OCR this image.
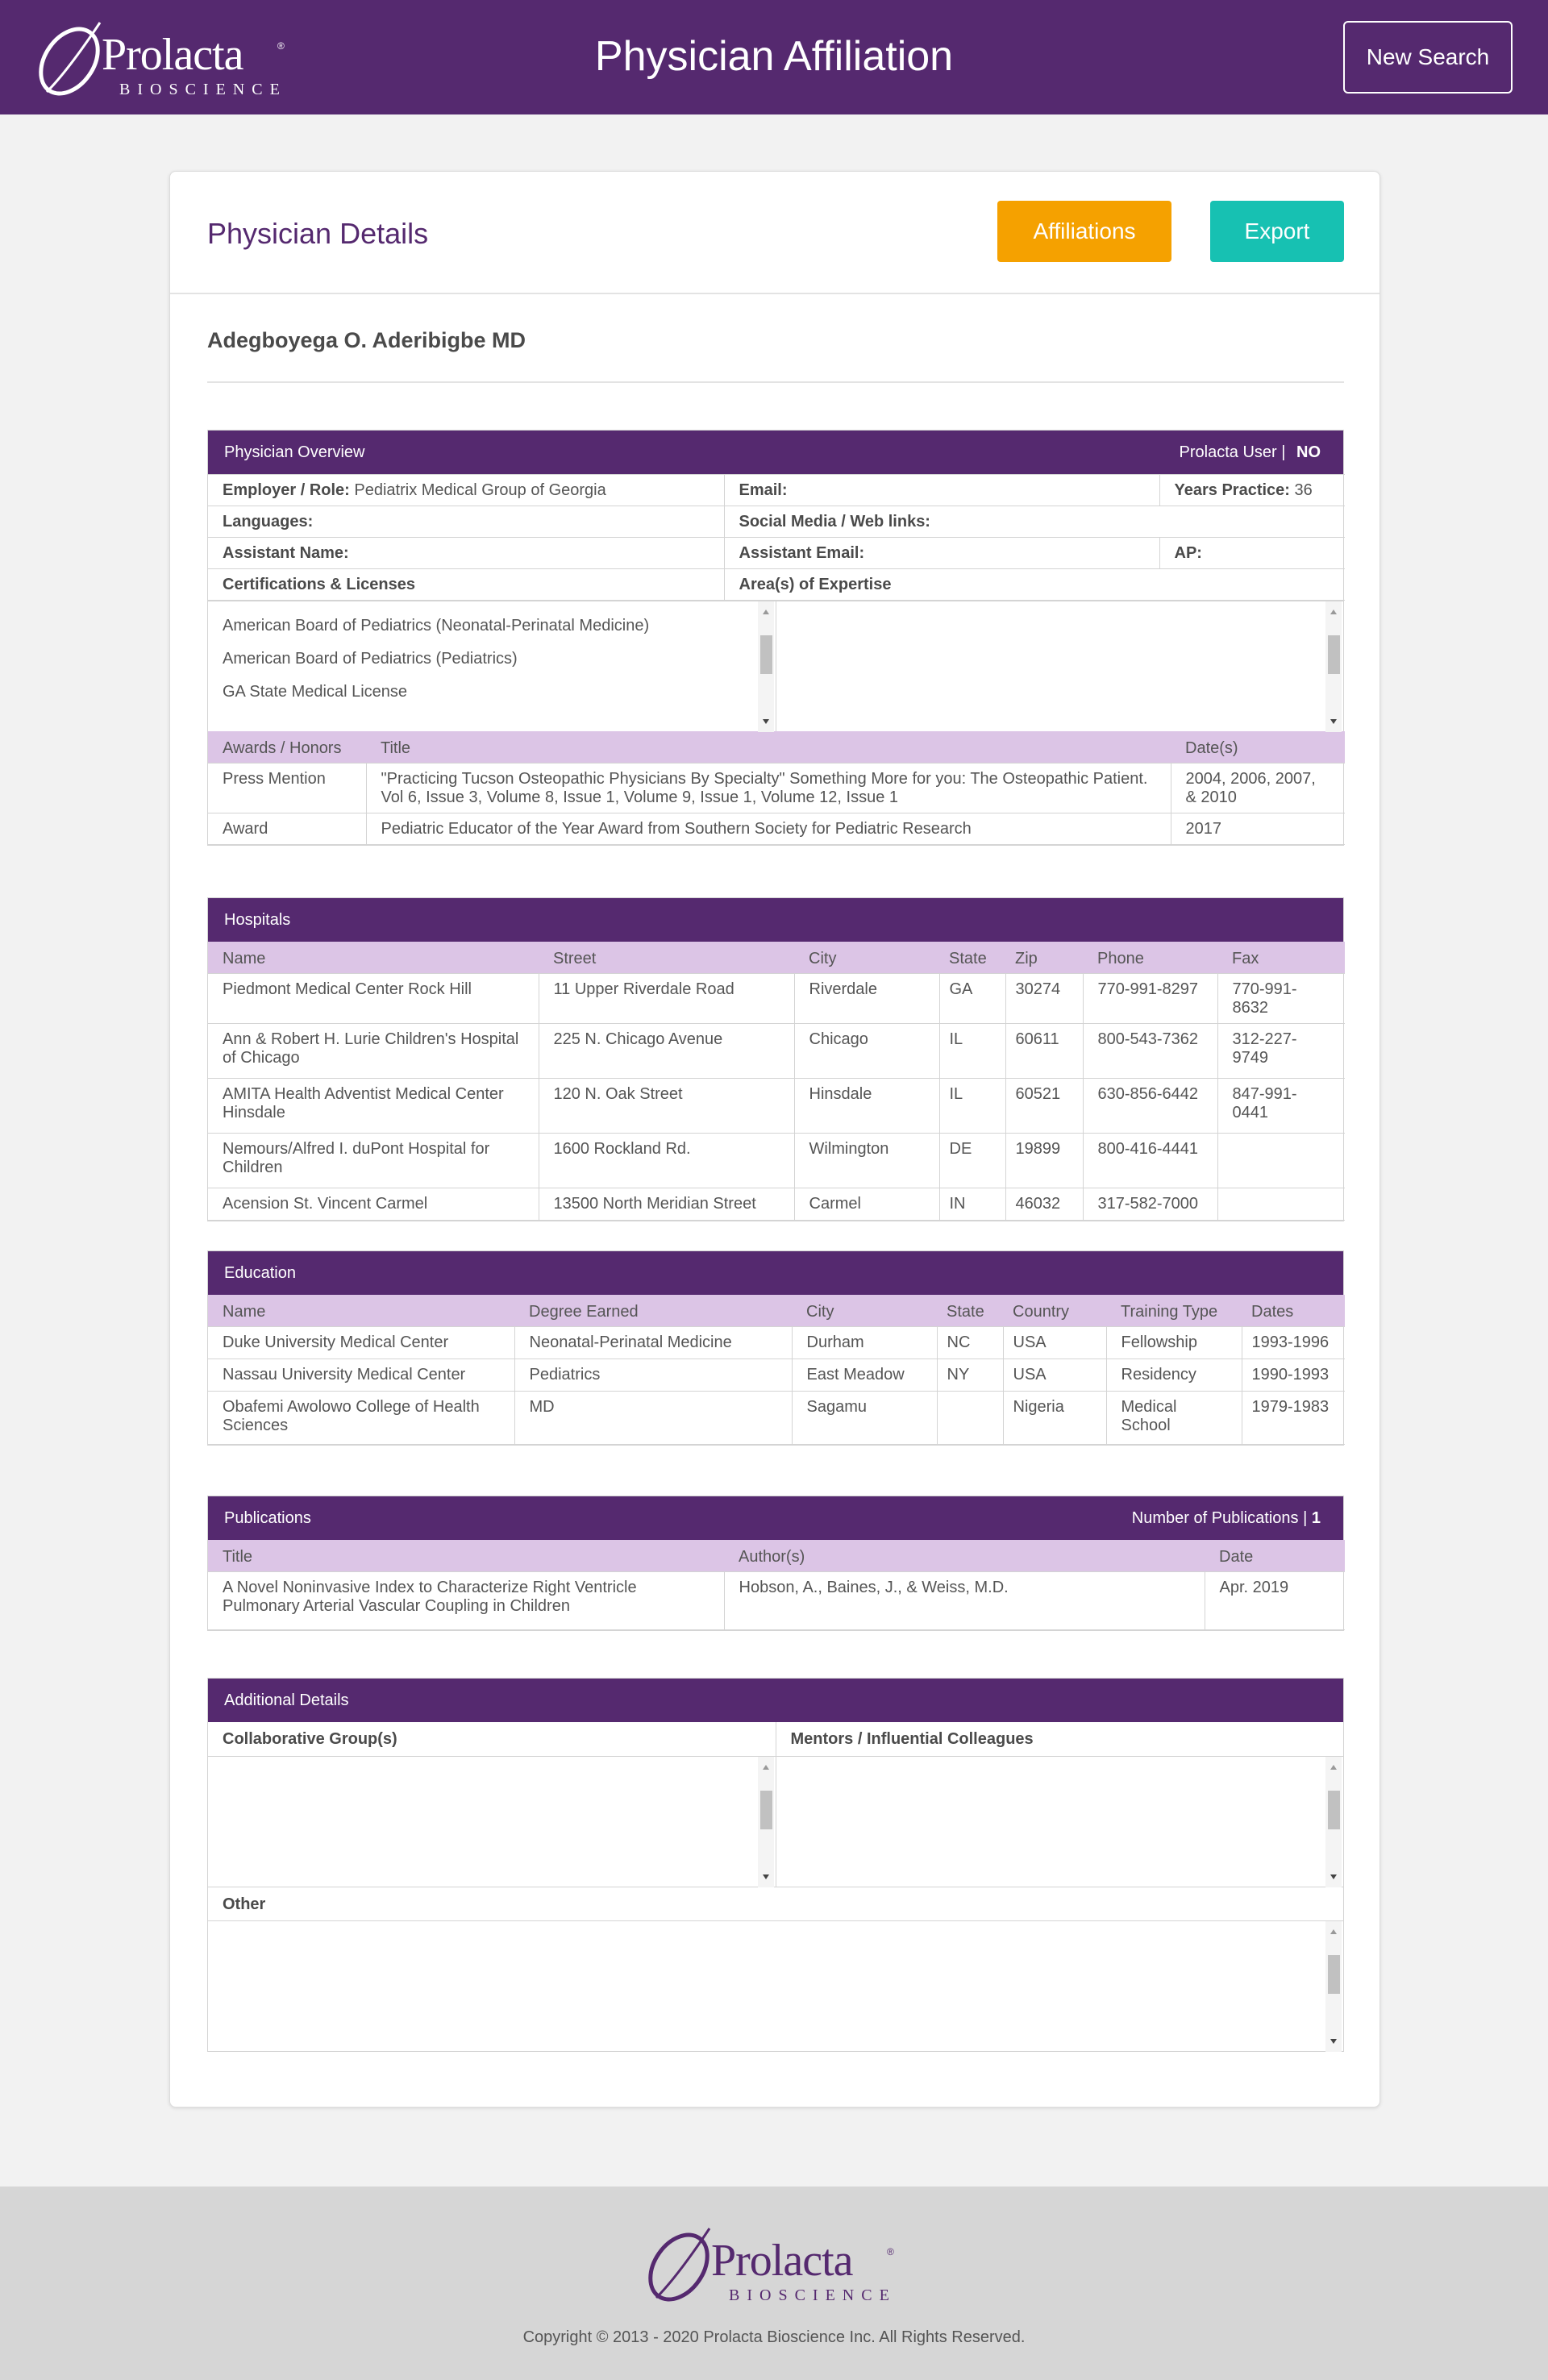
Prolacta	®
BIOSCIENCE
Physician Affiliation	New Search
Physician Details	Affiliations	Export
Adegboyega O. Aderibigbe MD
Physician Overview	Prolacta User | NO
Employer / Role: Pediatrix Medical Group of Georgia	Email:	Years Practice: 36
Languages:	Social Media / Web links:	
Assistant Name:	Assistant Email:	AP:
Certifications & Licenses	Area(s) of Expertise	
American Board of Pediatrics (Neonatal-Perinatal Medicine)
American Board of Pediatrics (Pediatrics)
GA State Medical License
Awards / Honors	Title	Date(s)
Press Mention	"Practicing Tucson Osteopathic Physicians By Specialty" Something More for you: The Osteopathic Patient. Vol 6, Issue 3, Volume 8, Issue 1, Volume 9, Issue 1, Volume 12, Issue 1	2004, 2006, 2007, & 2010
Award	Pediatric Educator of the Year Award from Southern Society for Pediatric Research	2017
Hospitals
Name	Street	City	State	Zip	Phone	Fax
Piedmont Medical Center Rock Hill	11 Upper Riverdale Road	Riverdale	GA	30274	770-991-8297	770-991-8632
Ann & Robert H. Lurie Children's Hospital of Chicago	225 N. Chicago Avenue	Chicago	IL	60611	800-543-7362	312-227-9749
AMITA Health Adventist Medical Center Hinsdale	120 N. Oak Street	Hinsdale	IL	60521	630-856-6442	847-991-0441
Nemours/Alfred I. duPont Hospital for Children	1600 Rockland Rd.	Wilmington	DE	19899	800-416-4441	
Acension St. Vincent Carmel	13500 North Meridian Street	Carmel	IN	46032	317-582-7000	
Education
Name	Degree Earned	City	State	Country	Training Type	Dates
Duke University Medical Center	Neonatal-Perinatal Medicine	Durham	NC	USA	Fellowship	1993-1996
Nassau University Medical Center	Pediatrics	East Meadow	NY	USA	Residency	1990-1993
Obafemi Awolowo College of Health Sciences	MD	Sagamu		Nigeria	Medical School	1979-1983
Publications	Number of Publications | 1
Title	Author(s)	Date
A Novel Noninvasive Index to Characterize Right Ventricle Pulmonary Arterial Vascular Coupling in Children	Hobson, A., Baines, J., & Weiss, M.D.	Apr. 2019
Additional Details
Collaborative Group(s)	Mentors / Influential Colleagues
Other
Prolacta	®
BIOSCIENCE
Copyright © 2013 - 2020 Prolacta Bioscience Inc. All Rights Reserved.
